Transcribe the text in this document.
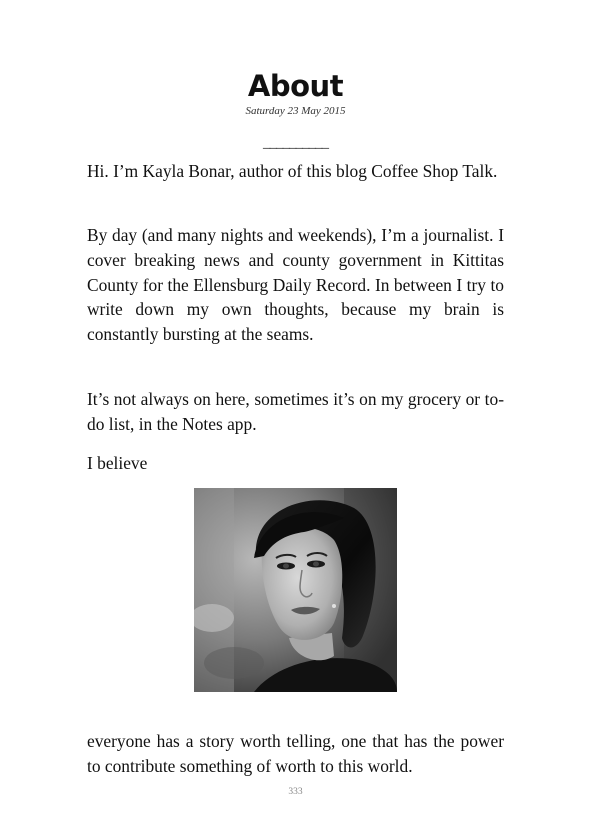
About
Saturday 23 May 2015
__________

Hi. I’m Kayla Bonar, author of this blog Coffee Shop Talk.

By day (and many nights and weekends), I’m a journalist. I cover breaking news and county government in Kittitas County for the Ellensburg Daily Record. In between I try to write down my own thoughts, because my brain is constantly bursting at the seams.

It’s not always on here, sometimes it’s on my grocery or to-do list, in the Notes app.

I believe

everyone has a story worth telling, one that has the power to contribute something of worth to this world.

333
